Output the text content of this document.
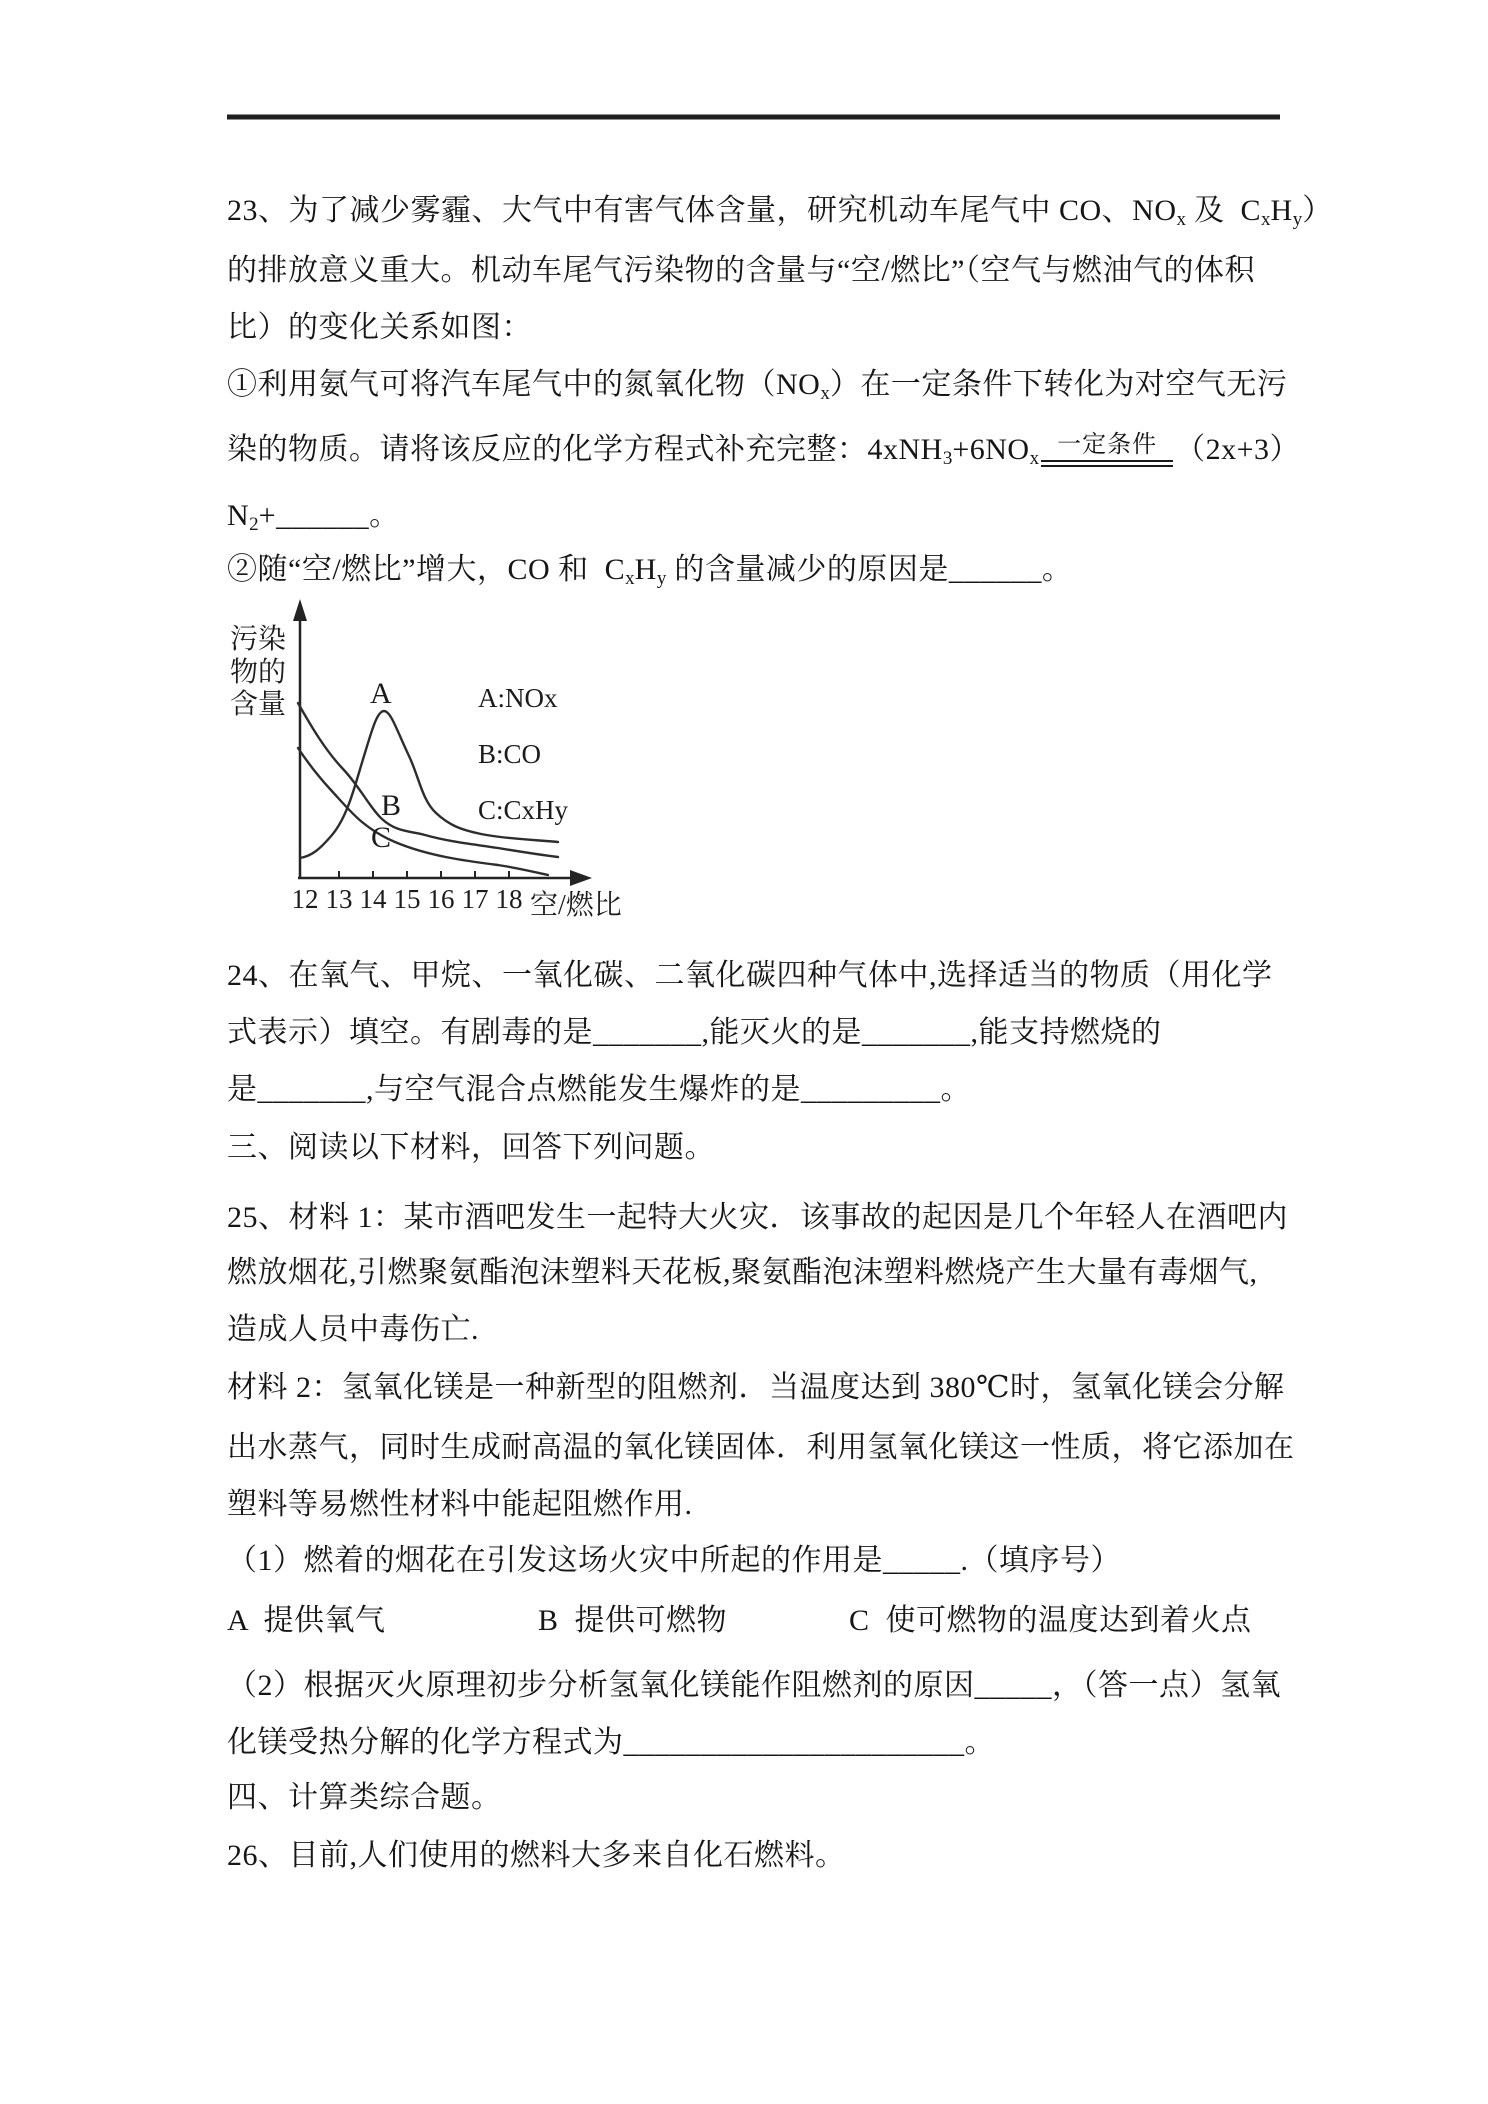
23、为了减少雾霾、大气中有害气体含量，研究机动车尾气中 CO、$NO_x$ 及  $C_xH_y$）
的排放意义重大。机动车尾气污染物的含量与“空/燃比”（空气与燃油气的体积
比）的变化关系如图：
①利用氨气可将汽车尾气中的氮氧化物$(NO_x)$在一定条件下转化为对空气无污
染的物质。请将该反应的化学方程式补充完整：$4xNH_3+6NO_x$一定条件 （2x+3）
$N_2+\_\_\_\_\_\_$。
②随“空/燃比”增大，CO 和  $C_xH_y$ 的含量减少的原因是______。
24、在氧气、甲烷、一氧化碳、二氧化碳四种气体中,选择适当的物质（用化学
式表示）填空。有剧毒的是_______,能灭火的是_______,能支持燃烧的
是_______,与空气混合点燃能发生爆炸的是_________。
三、阅读以下材料，回答下列问题。
25、材料 1：某市酒吧发生一起特大火灾．该事故的起因是几个年轻人在酒吧内
燃放烟花,引燃聚氨酯泡沫塑料天花板,聚氨酯泡沫塑料燃烧产生大量有毒烟气,
造成人员中毒伤亡.
材料 2：氢氧化镁是一种新型的阻燃剂．当温度达到 380℃时，氢氧化镁会分解
出水蒸气，同时生成耐高温的氧化镁固体．利用氢氧化镁这一性质，将它添加在
塑料等易燃性材料中能起阻燃作用.
（1）燃着的烟花在引发这场火灾中所起的作用是_____.（填序号）
A  提供氧气　　　　　B  提供可燃物　　　　C  使可燃物的温度达到着火点
（2）根据灭火原理初步分析氢氧化镁能作阻燃剂的原因_____，（答一点）氢氧
化镁受热分解的化学方程式为______________________。
四、计算类综合题。
26、目前,人们使用的燃料大多来自化石燃料。
污染
物的
含量	A
B
C
A:NOx
B:CO
C:CxHy
12 13 14 15 16 17 18 空/燃比
